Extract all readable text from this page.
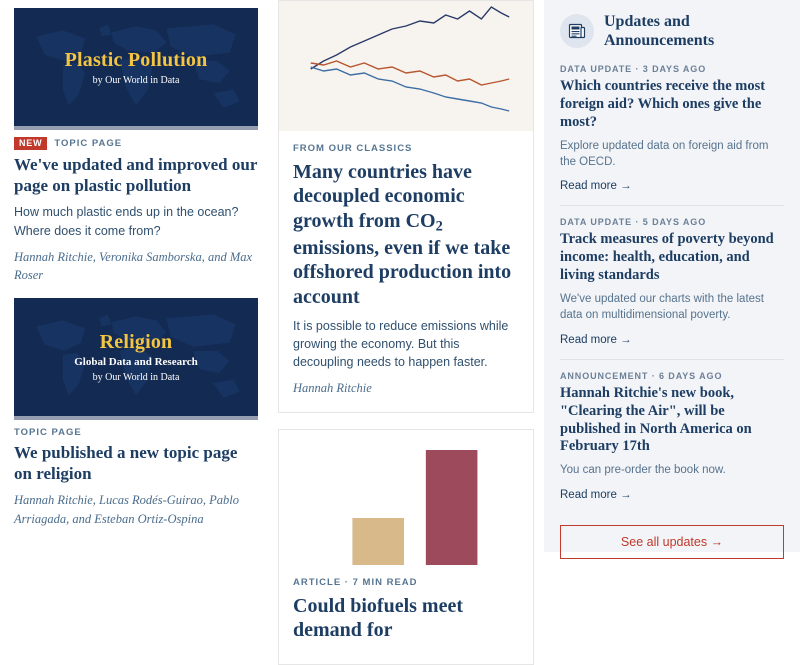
Plastic Pollution
by Our World in Data
NEW	TOPIC PAGE
We've updated and improved our page on plastic pollution

How much plastic ends up in the ocean? Where does it come from?

Hannah Ritchie, Veronika Samborska, and Max Roser

Religion
Global Data and Research
by Our World in Data
TOPIC PAGE
We published a new topic page on religion

Hannah Ritchie, Lucas Rodés-Guirao, Pablo Arriagada, and Esteban Ortiz-Ospina

FROM OUR CLASSICS
Many countries have decoupled economic growth from $CO_2$ emissions, even if we take offshored production into account

It is possible to reduce emissions while growing the economy. But this decoupling needs to happen faster.

Hannah Ritchie

ARTICLE · 7 MIN READ
Could biofuels meet demand for
Updates and Announcements
DATA UPDATE · 3 DAYS AGO
Which countries receive the most foreign aid? Which ones give the most?
Explore updated data on foreign aid from the OECD.
Read more →
DATA UPDATE · 5 DAYS AGO
Track measures of poverty beyond income: health, education, and living standards
We've updated our charts with the latest data on multidimensional poverty.
Read more →
ANNOUNCEMENT · 6 DAYS AGO
Hannah Ritchie's new book, "Clearing the Air", will be published in North America on February 17th
You can pre-order the book now.
Read more →
See all updates →
